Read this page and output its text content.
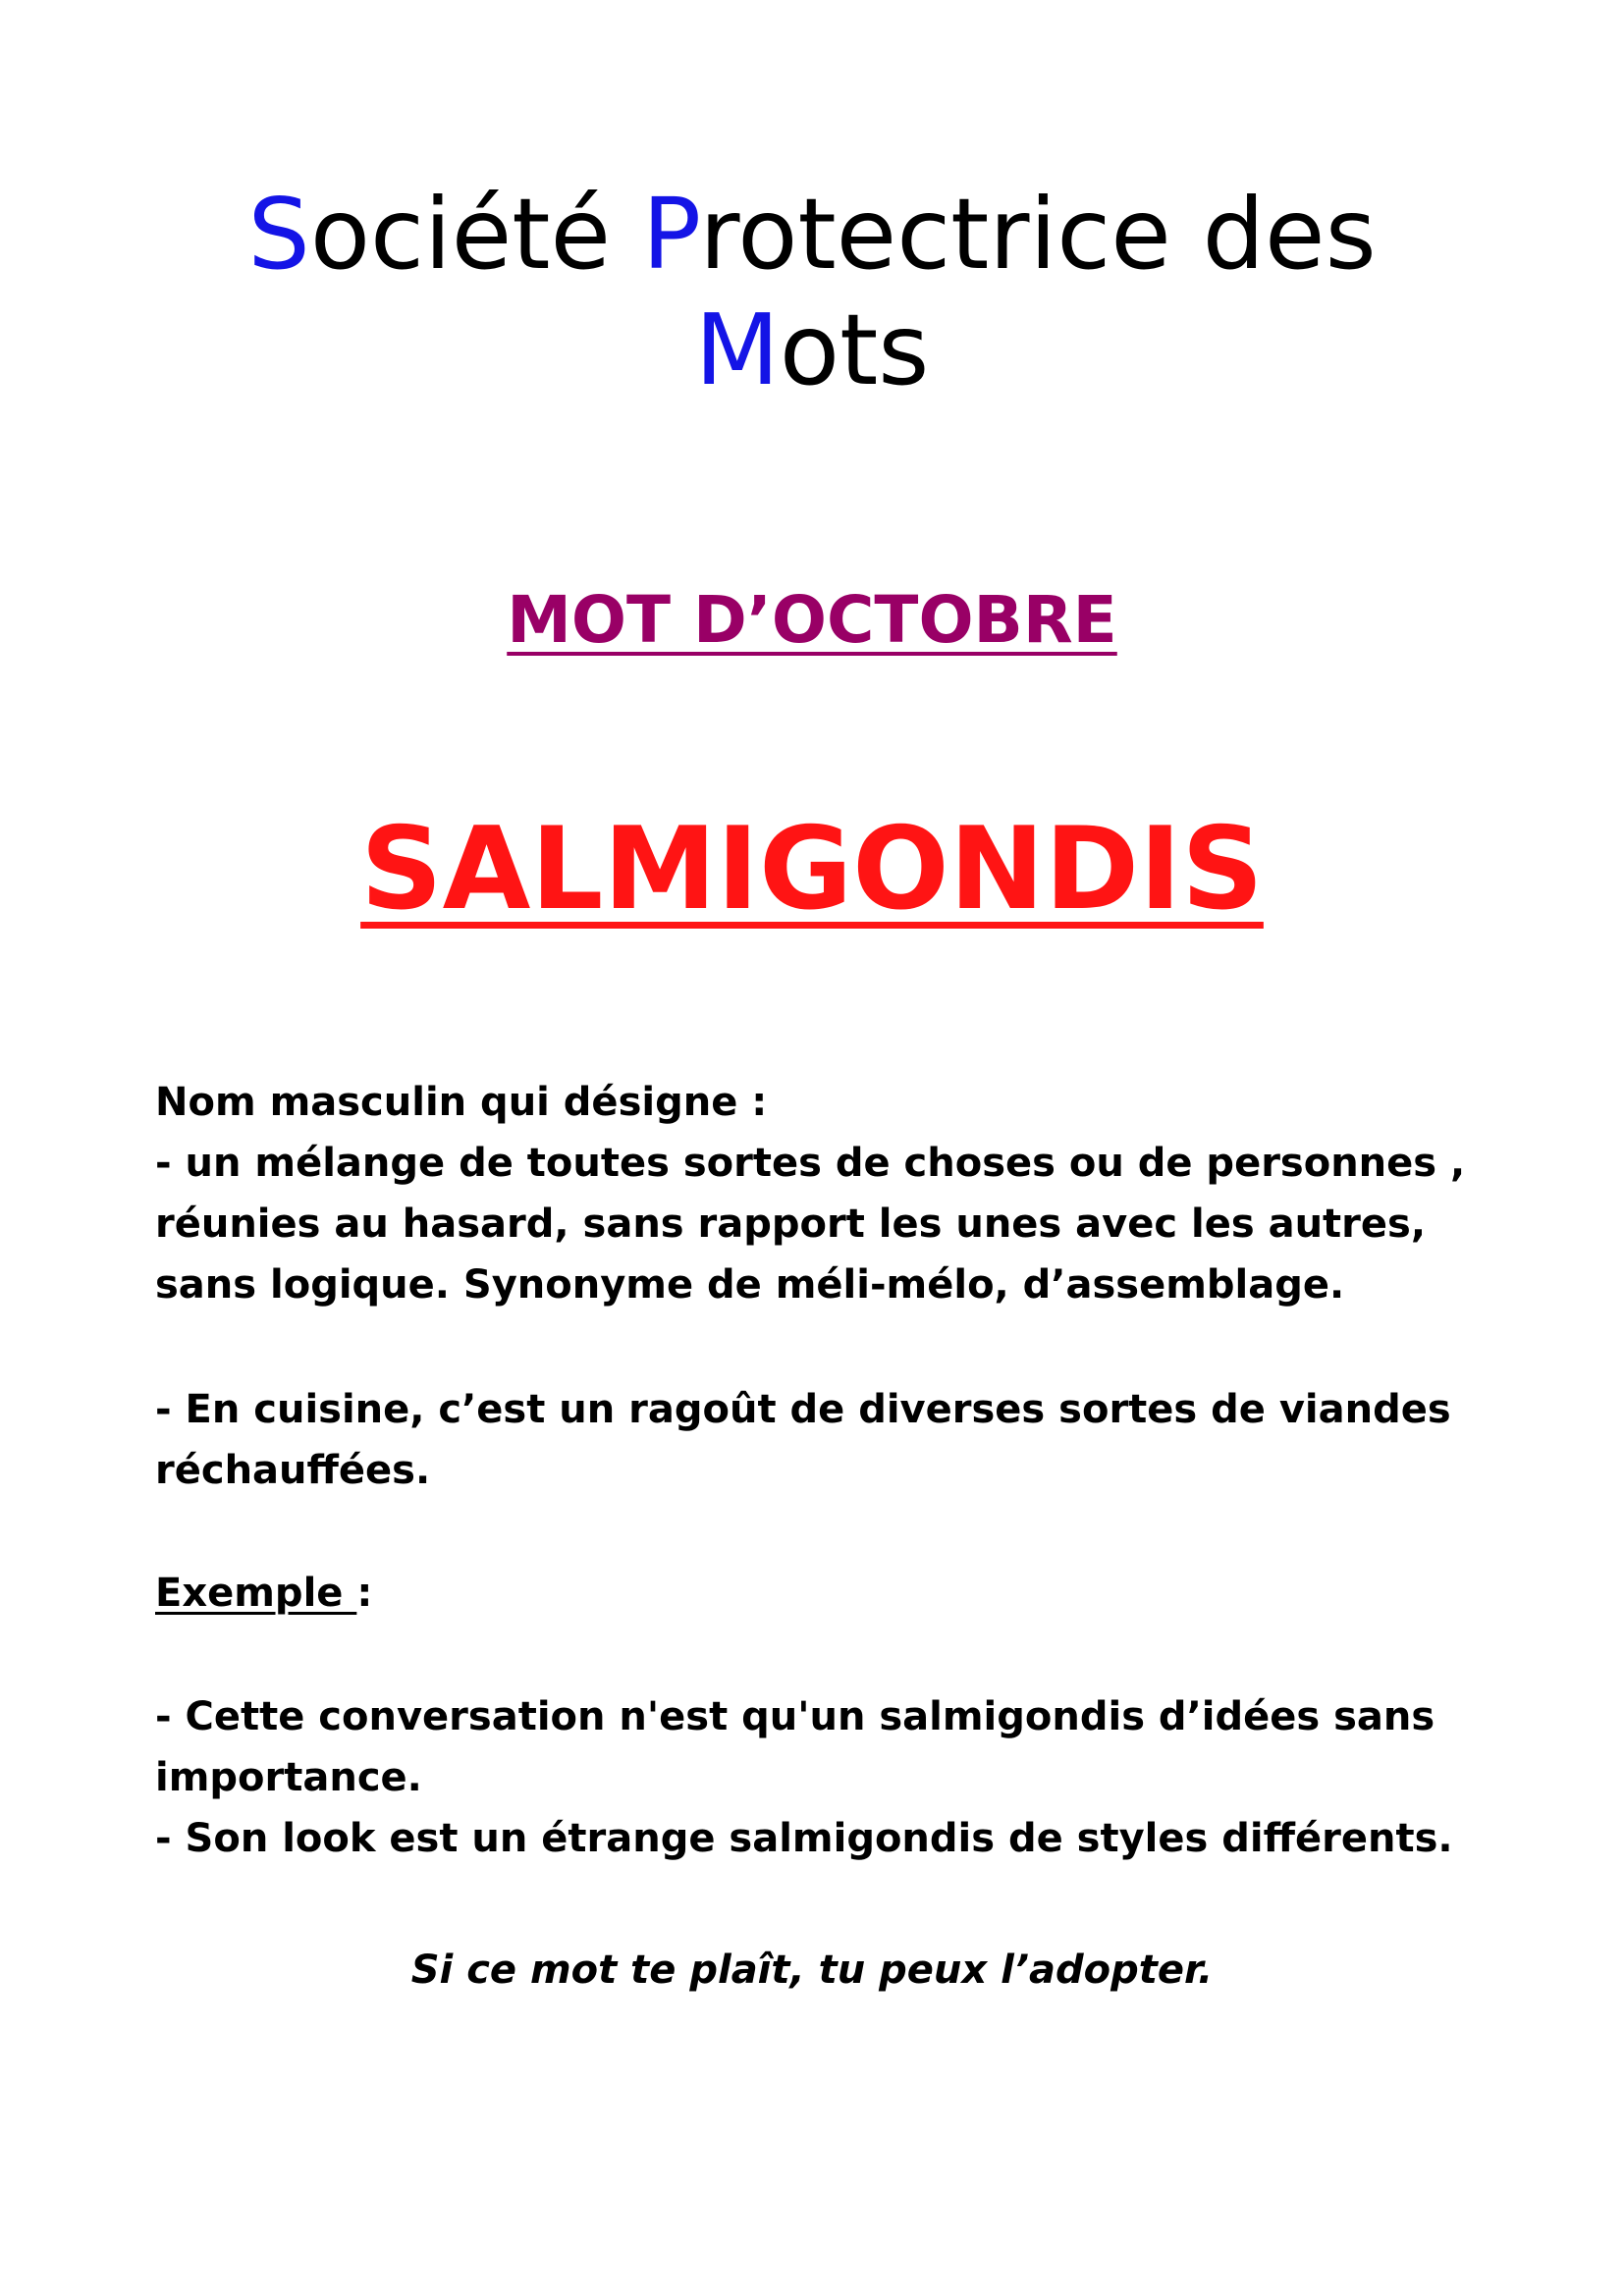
Société Protectrice des
Mots
MOT D’OCTOBRE
SALMIGONDIS

Nom masculin qui désigne :
- un mélange de toutes sortes de choses ou de personnes ,
réunies au hasard, sans rapport les unes avec les autres,
sans logique. Synonyme de méli-mélo, d’assemblage.

- En cuisine, c’est un ragoût de diverses sortes de viandes
réchauffées.

Exemple :

- Cette conversation n'est qu'un salmigondis d’idées sans
importance.
- Son look est un étrange salmigondis de styles différents.

Si ce mot te plaît, tu peux l’adopter.
